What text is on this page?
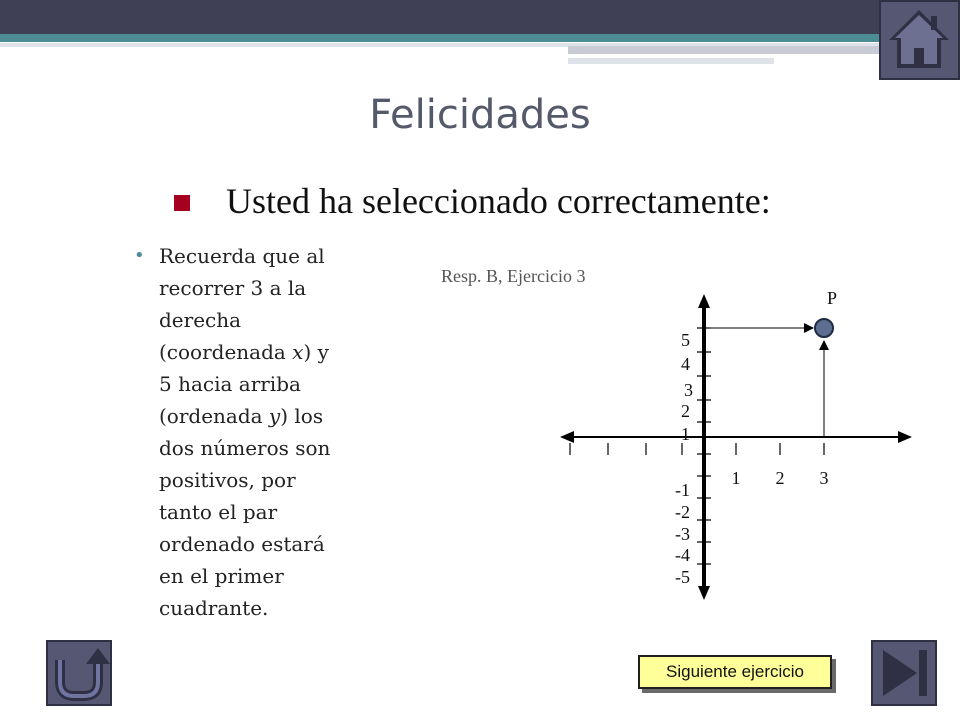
Felicidades
Usted ha seleccionado correctamente:
• Recuerda que al
recorrer 3 a la
derecha
(coordenada 𝑥) y
5 hacia arriba
(ordenada 𝑦) los
dos números son
positivos, por
tanto el par
ordenado estará
en el primer
cuadrante.
Resp. B, Ejercicio 3
1 2 3
5
4
3
2
1
-1
-2
-3
-4
-5
P
Siguiente ejercicio
